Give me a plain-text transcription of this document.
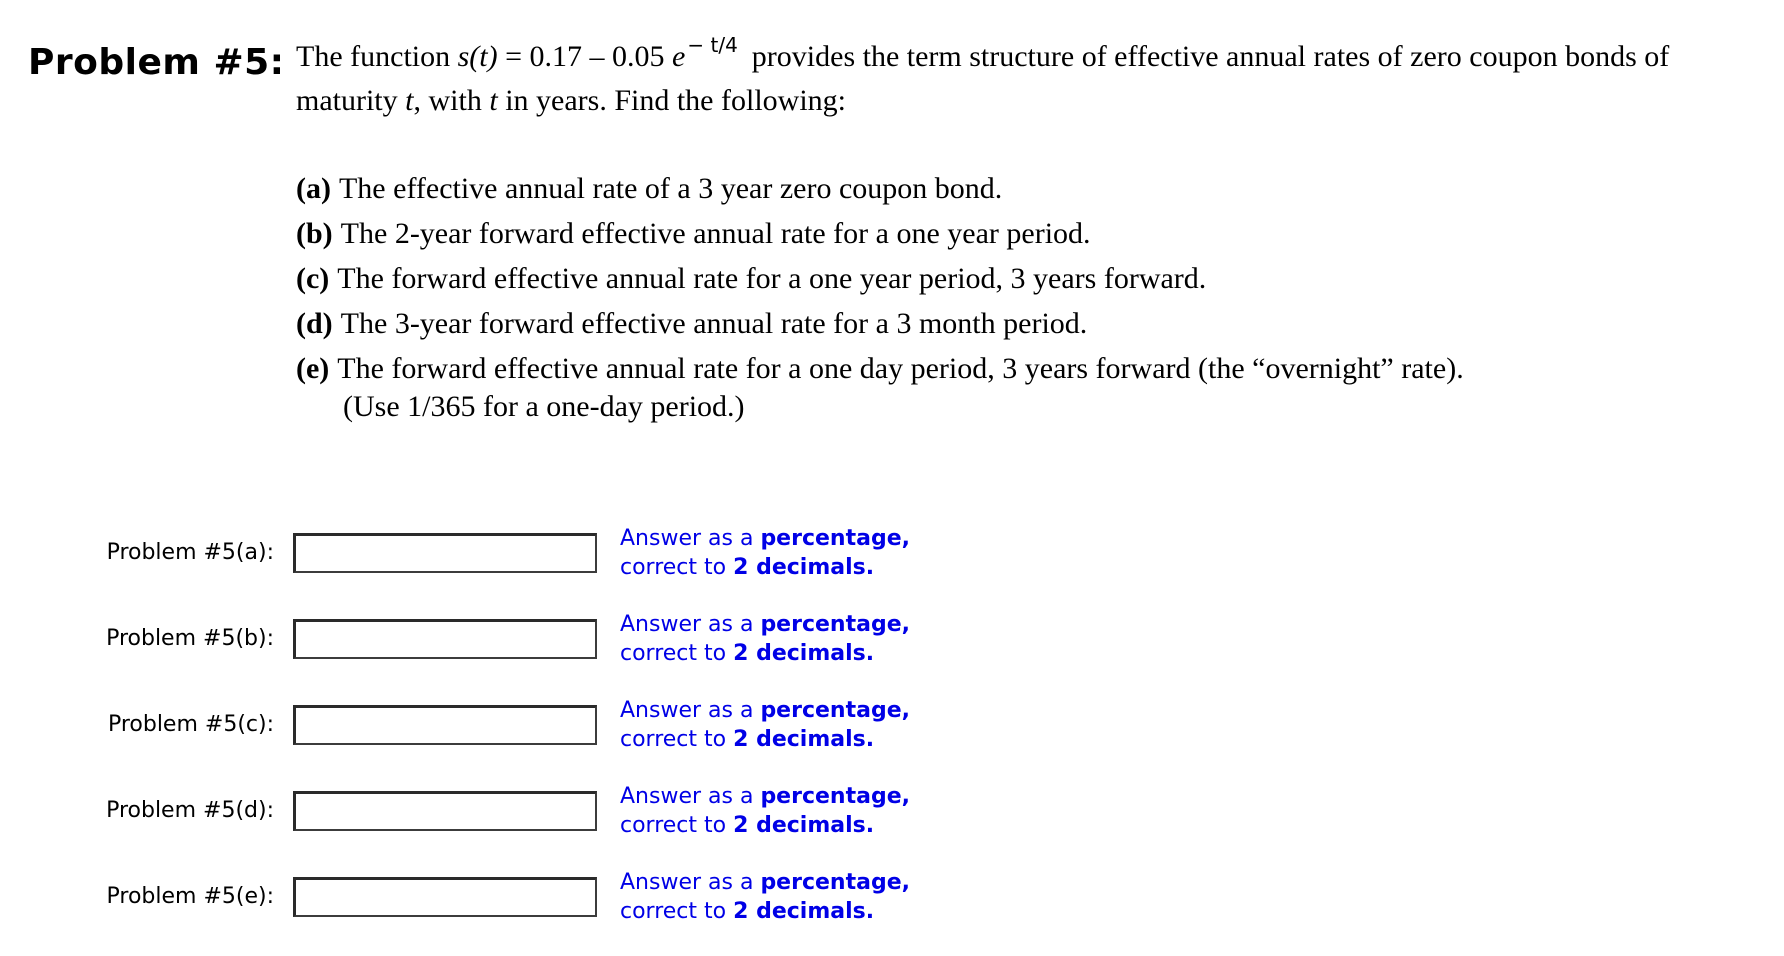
Problem #5: The function s(t) = 0.17 – 0.05 e $^{- t/4}$ provides the term structure of effective annual rates of zero coupon bonds of
maturity t, with t in years. Find the following:
(a) The effective annual rate of a 3 year zero coupon bond.
(b) The 2-year forward effective annual rate for a one year period.
(c) The forward effective annual rate for a one year period, 3 years forward.
(d) The 3-year forward effective annual rate for a 3 month period.
(e) The forward effective annual rate for a one day period, 3 years forward (the “overnight” rate).
(Use 1/365 for a one-day period.)
Problem #5(a):
Answer as a percentage,
correct to 2 decimals.
Problem #5(b):
Answer as a percentage,
correct to 2 decimals.
Problem #5(c):
Answer as a percentage,
correct to 2 decimals.
Problem #5(d):
Answer as a percentage,
correct to 2 decimals.
Problem #5(e):
Answer as a percentage,
correct to 2 decimals.
